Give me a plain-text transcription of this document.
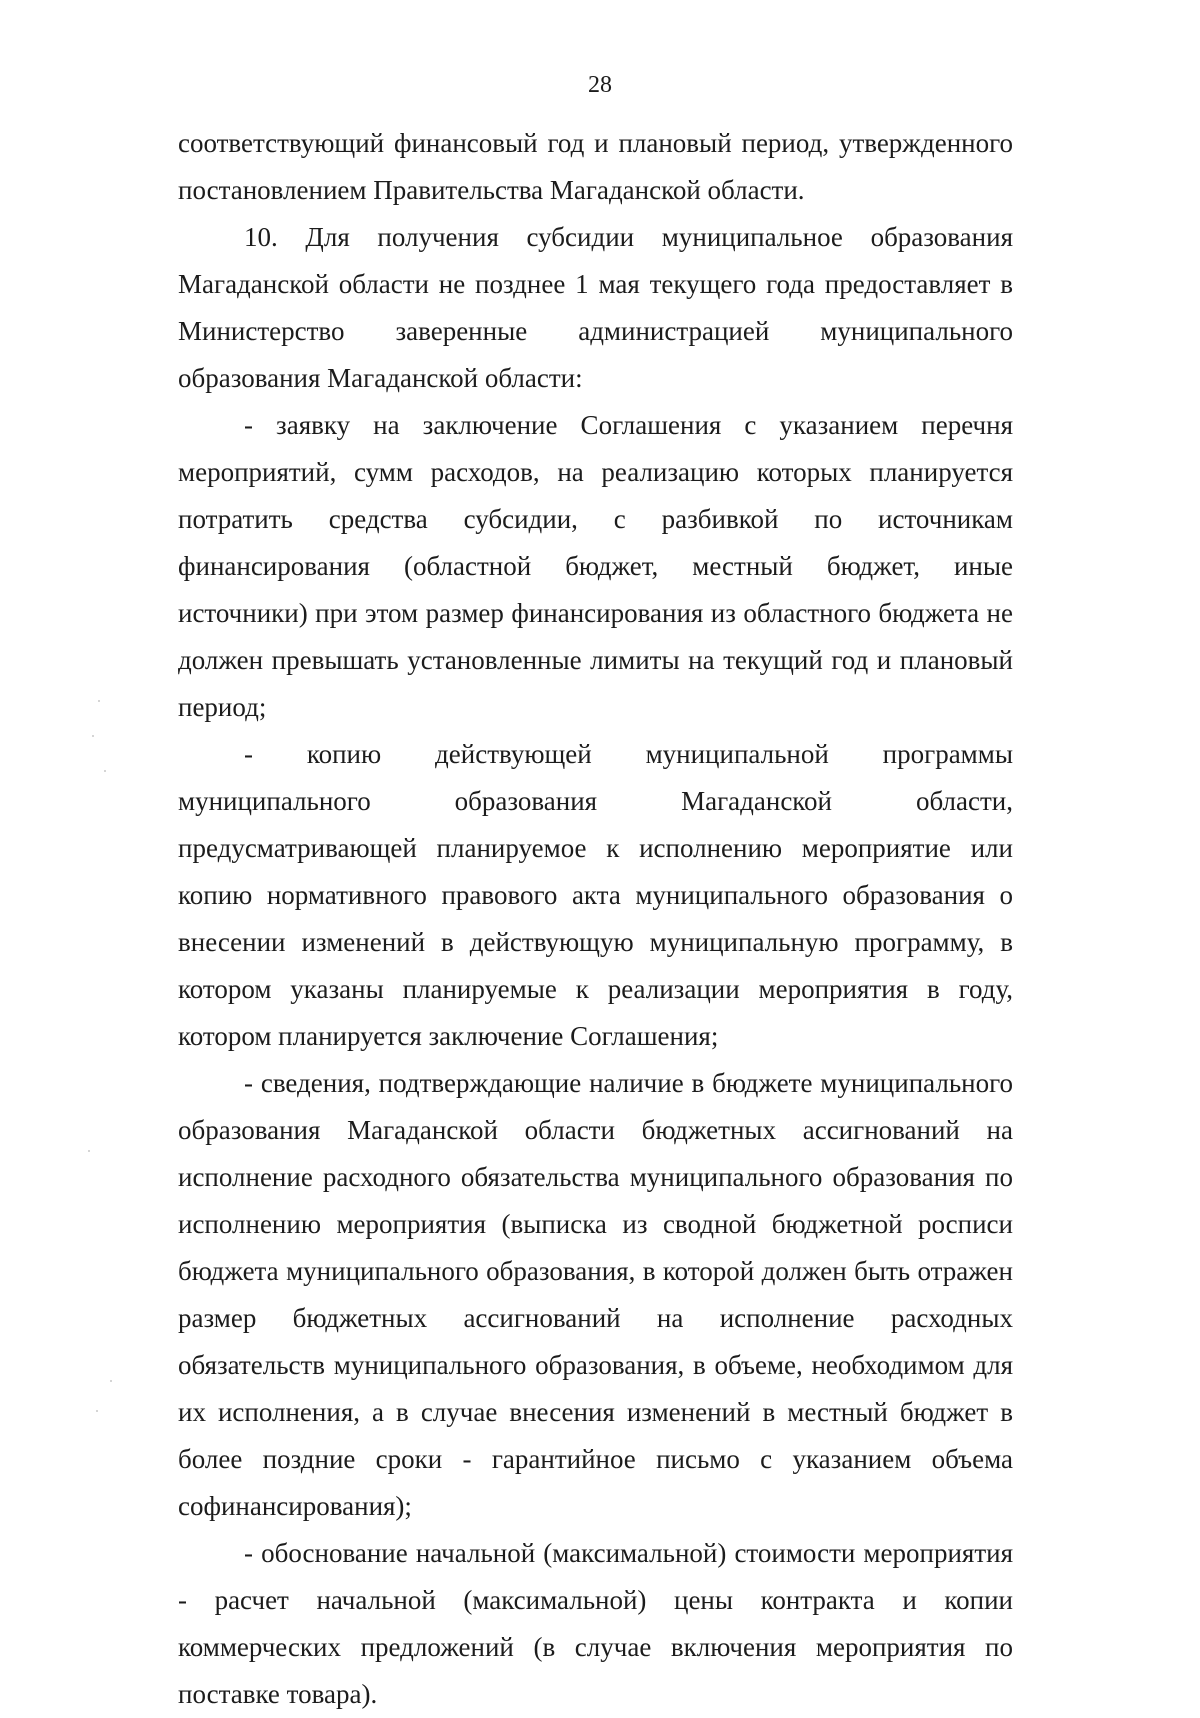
28

соответствующий финансовый год и плановый период, утвержденного постановлением Правительства Магаданской области.

10. Для получения субсидии муниципальное образования Магаданской области не позднее 1 мая текущего года предоставляет в Министерство заверенные администрацией муниципального образования Магаданской области:

- заявку на заключение Соглашения с указанием перечня мероприятий, сумм расходов, на реализацию которых планируется потратить средства субсидии, с разбивкой по источникам финансирования (областной бюджет, местный бюджет, иные источники) при этом размер финансирования из областного бюджета не должен превышать установленные лимиты на текущий год и плановый период;

- копию действующей муниципальной программы муниципального образования Магаданской области, предусматривающей планируемое к исполнению мероприятие или копию нормативного правового акта муниципального образования о внесении изменений в действующую муниципальную программу, в котором указаны планируемые к реализации мероприятия в году, котором планируется заключение Соглашения;

- сведения, подтверждающие наличие в бюджете муниципального образования Магаданской области бюджетных ассигнований на исполнение расходного обязательства муниципального образования по исполнению мероприятия (выписка из сводной бюджетной росписи бюджета муниципального образования, в которой должен быть отражен размер бюджетных ассигнований на исполнение расходных обязательств муниципального образования, в объеме, необходимом для их исполнения, а в случае внесения изменений в местный бюджет в более поздние сроки - гарантийное письмо с указанием объема софинансирования);

- обоснование начальной (максимальной) стоимости мероприятия - расчет начальной (максимальной) цены контракта и копии коммерческих предложений (в случае включения мероприятия по поставке товара).
